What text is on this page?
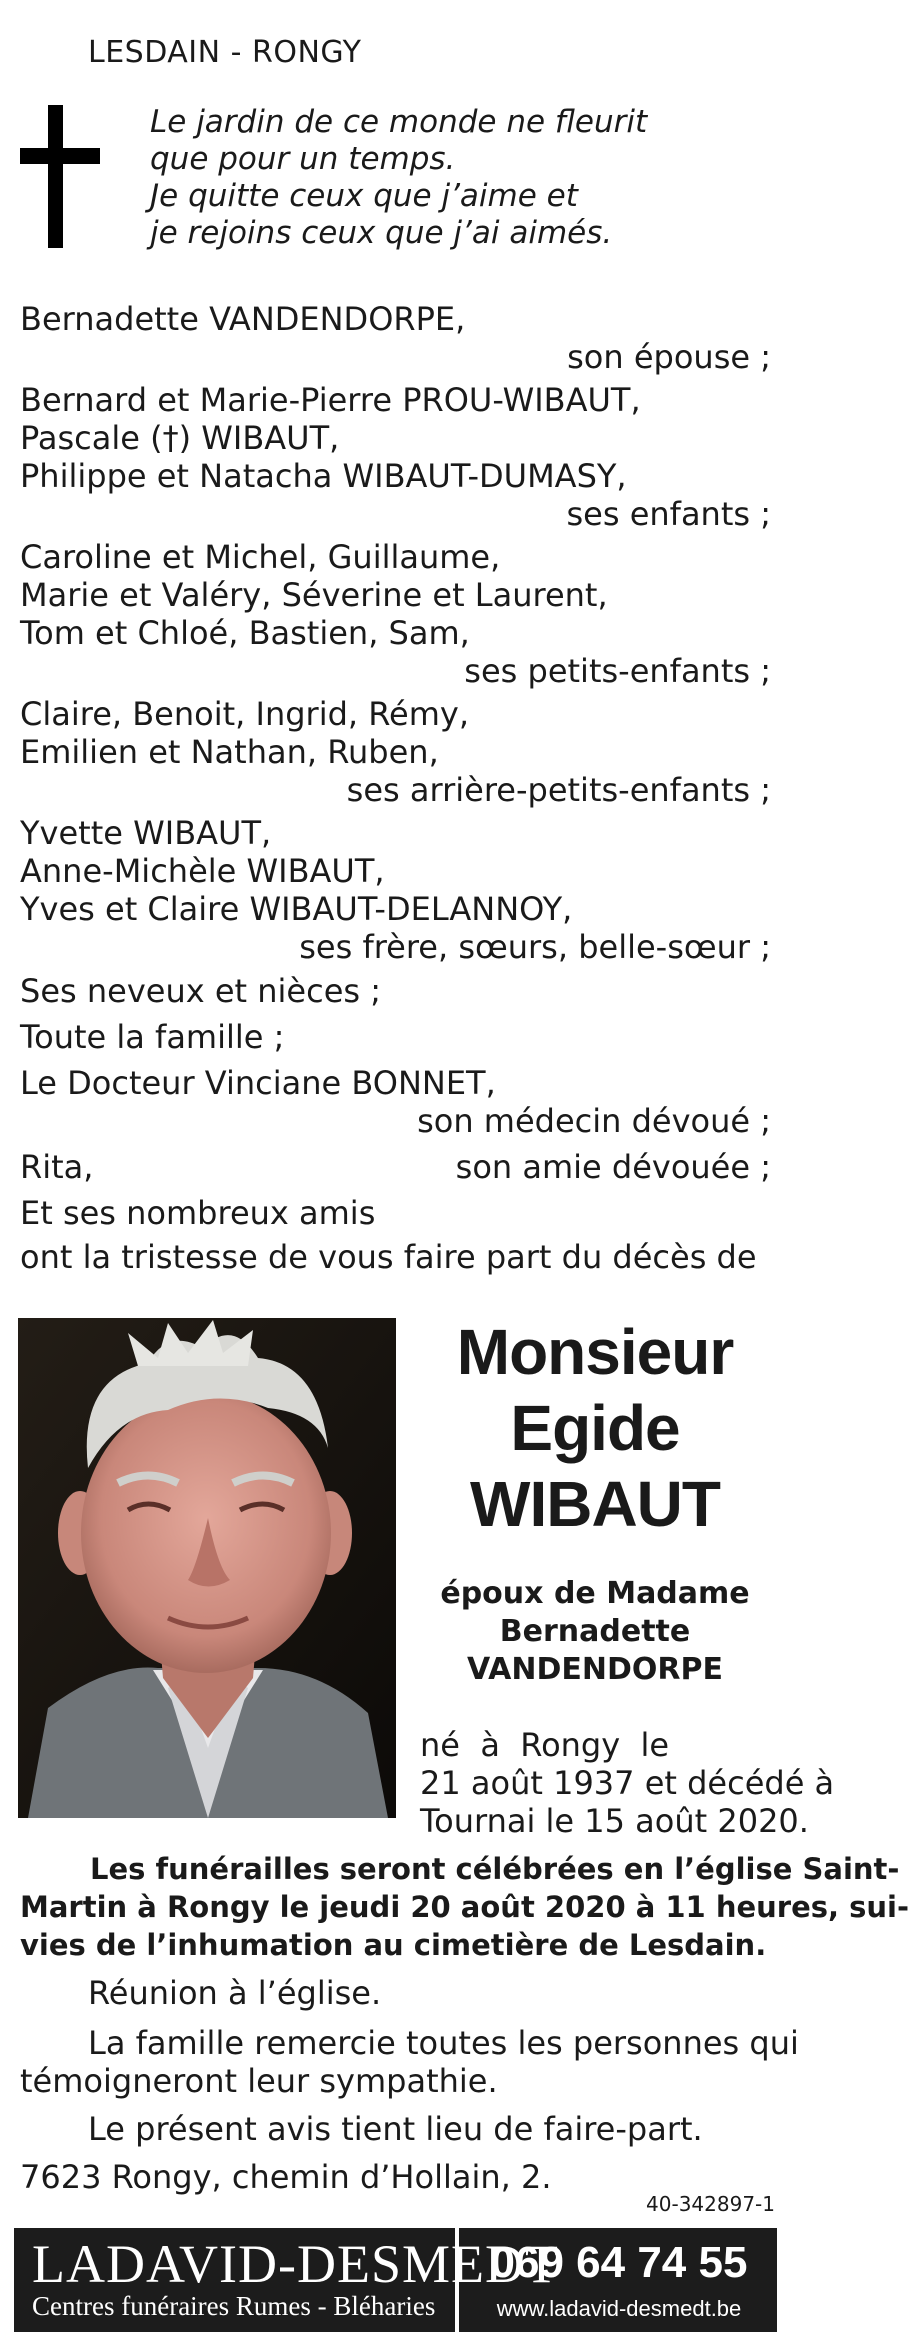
LESDAIN - RONGY
Le jardin de ce monde ne fleurit
que pour un temps.
Je quitte ceux que j’aime et
je rejoins ceux que j’ai aimés.
Bernadette VANDENDORPE,
son épouse ;
Bernard et Marie-Pierre PROU-WIBAUT,
Pascale (†) WIBAUT,
Philippe et Natacha WIBAUT-DUMASY,
ses enfants ;
Caroline et Michel, Guillaume,
Marie et Valéry, Séverine et Laurent,
Tom et Chloé, Bastien, Sam,
ses petits-enfants ;
Claire, Benoit, Ingrid, Rémy,
Emilien et Nathan, Ruben,
ses arrière-petits-enfants ;
Yvette WIBAUT,
Anne-Michèle WIBAUT,
Yves et Claire WIBAUT-DELANNOY,
ses frère, sœurs, belle-sœur ;
Ses neveux et nièces ;
Toute la famille ;
Le Docteur Vinciane BONNET,
son médecin dévoué ;
Rita,	son amie dévouée ;
Et ses nombreux amis
ont la tristesse de vous faire part du décès de
Monsieur
Egide
WIBAUT
époux de Madame
Bernadette
VANDENDORPE
né  à  Rongy  le
21 août 1937 et décédé à
Tournai le 15 août 2020.
Les funérailles seront célébrées en l’église Saint-
Martin à Rongy le jeudi 20 août 2020 à 11 heures, sui-
vies de l’inhumation au cimetière de Lesdain.
Réunion à l’église.
La famille remercie toutes les personnes qui
témoigneront leur sympathie.
Le présent avis tient lieu de faire-part.
7623 Rongy, chemin d’Hollain, 2.
40-342897-1
LADAVID-DESMEDT
Centres funéraires Rumes - Bléharies
069 64 74 55
www.ladavid-desmedt.be
